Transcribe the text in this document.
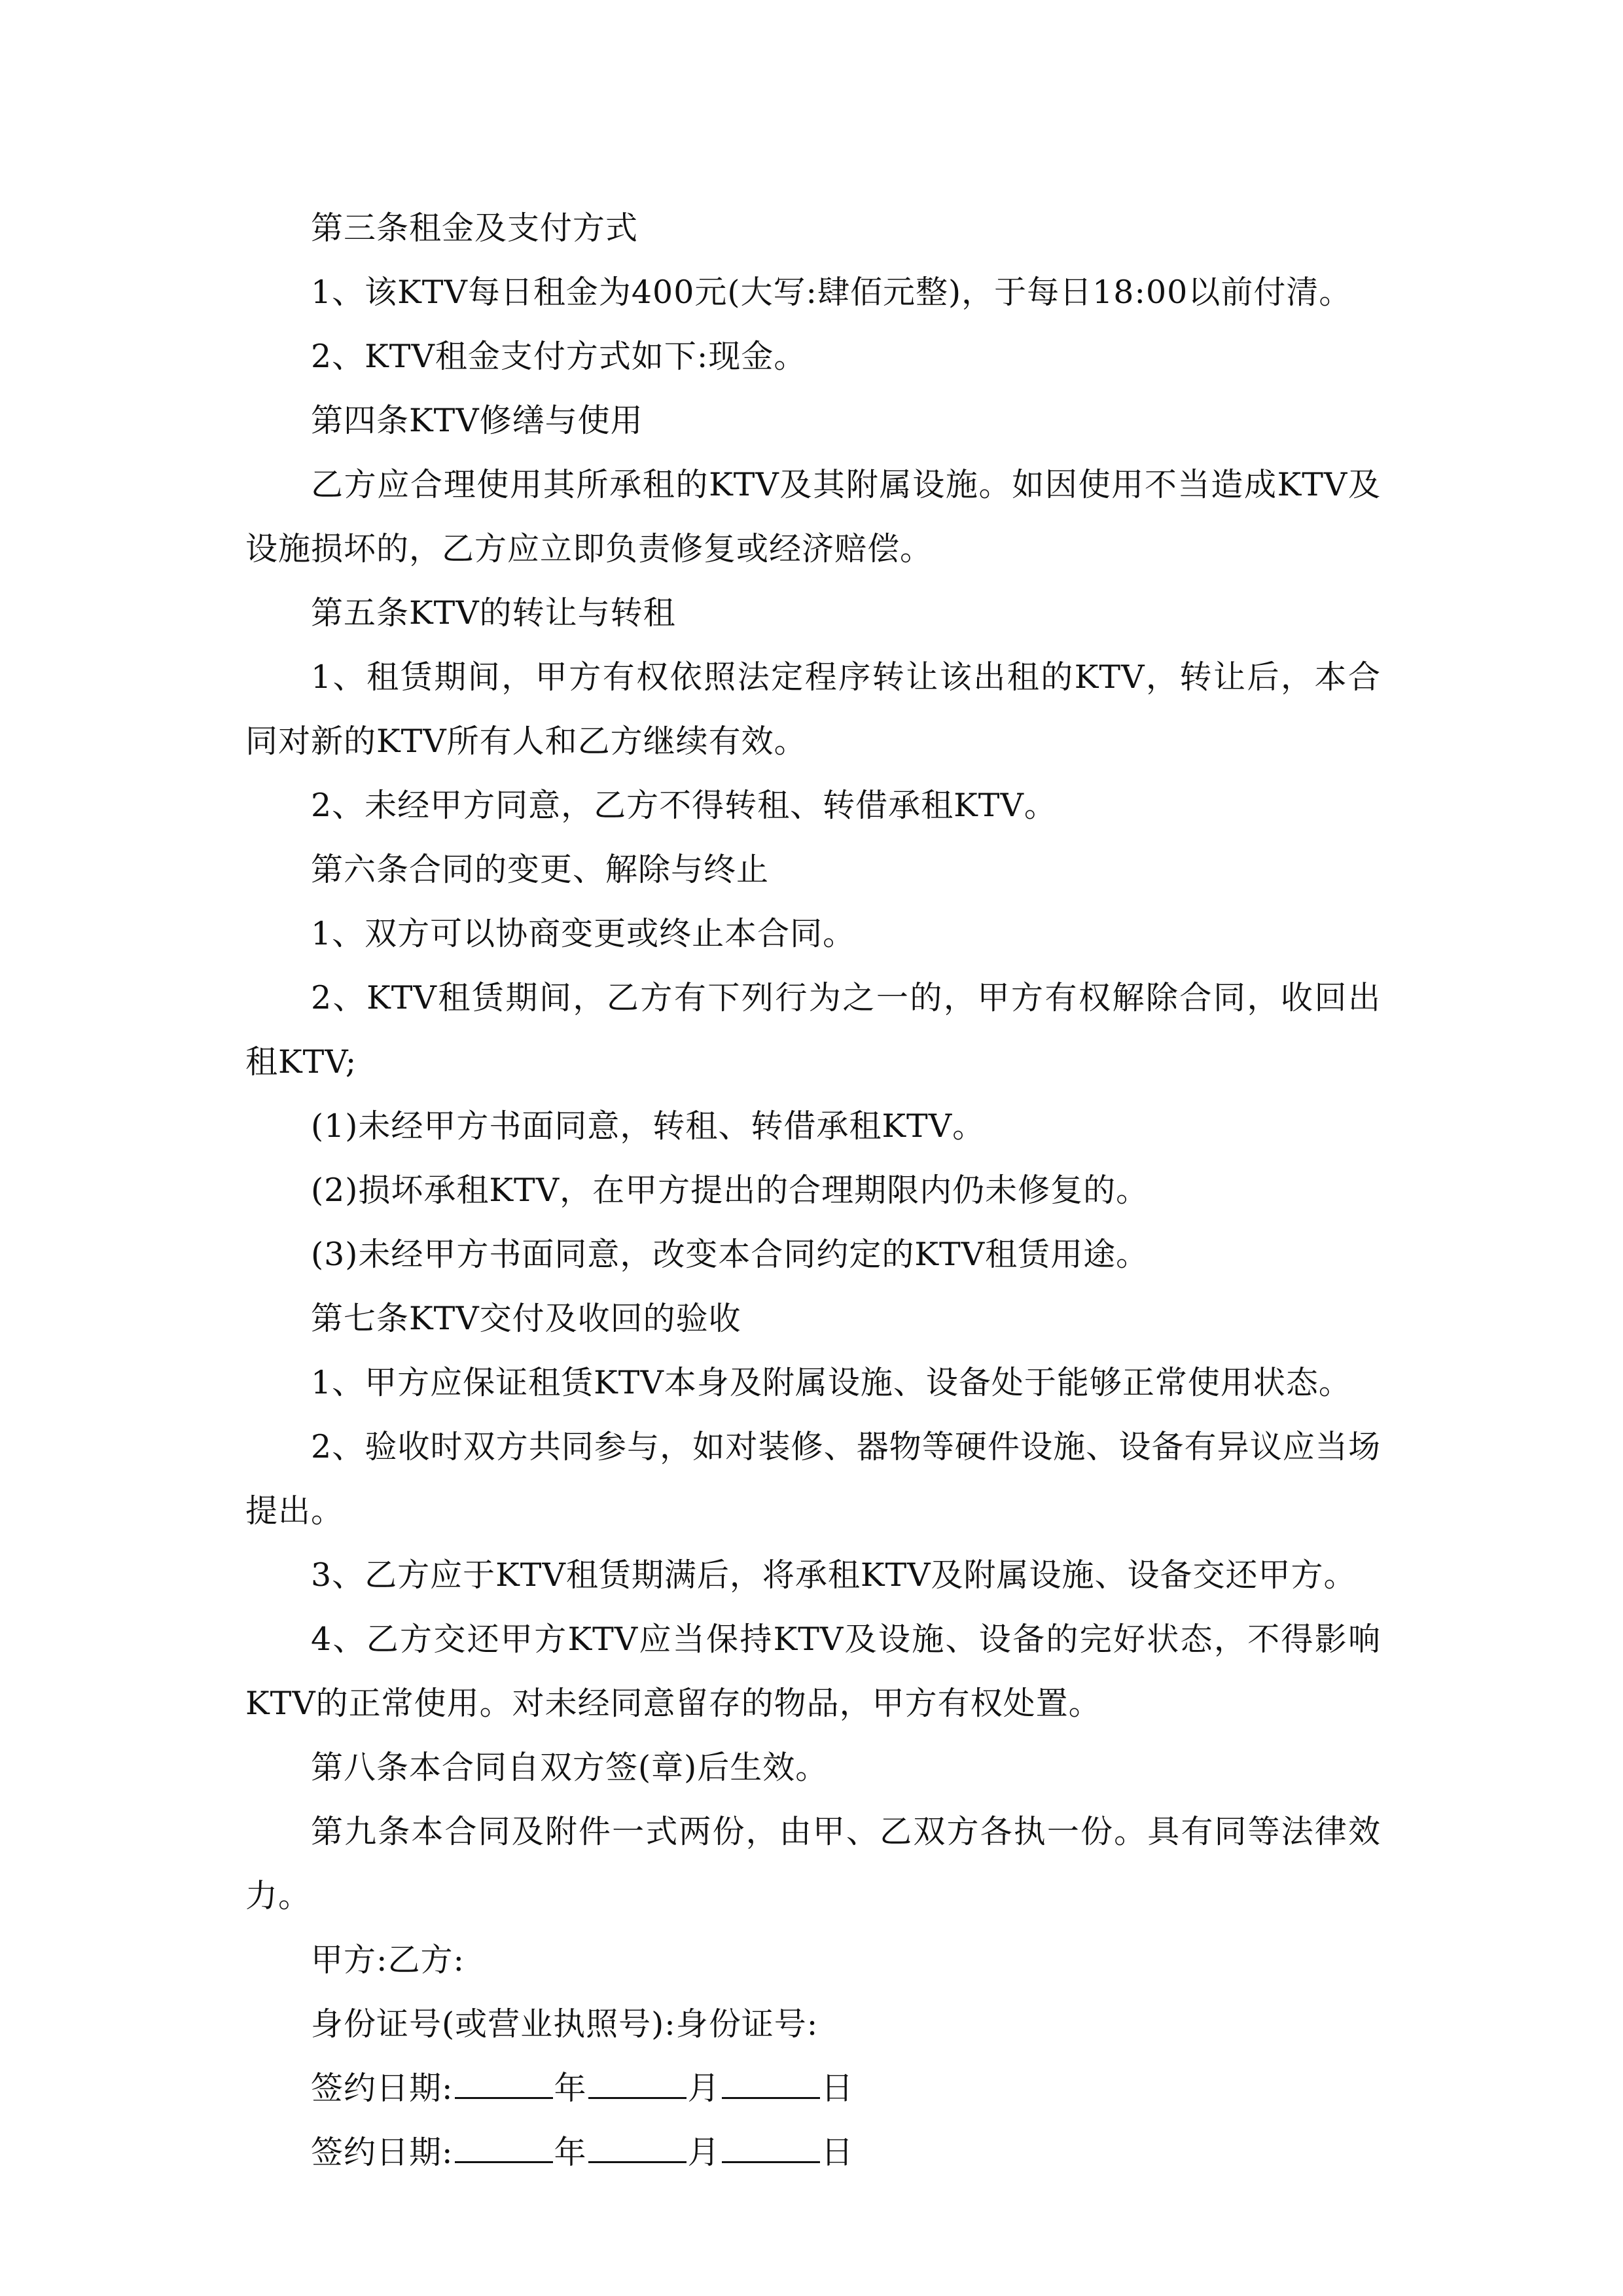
第三条租金及支付方式

1、该KTV每日租金为400元(大写:肆佰元整)，于每日18:00以前付清。

2、KTV租金支付方式如下:现金。

第四条KTV修缮与使用

乙方应合理使用其所承租的KTV及其附属设施。如因使用不当造成KTV及设施损坏的，乙方应立即负责修复或经济赔偿。

第五条KTV的转让与转租

1、租赁期间，甲方有权依照法定程序转让该出租的KTV，转让后，本合同对新的KTV所有人和乙方继续有效。

2、未经甲方同意，乙方不得转租、转借承租KTV。

第六条合同的变更、解除与终止

1、双方可以协商变更或终止本合同。

2、KTV租赁期间，乙方有下列行为之一的，甲方有权解除合同，收回出租KTV;

(1)未经甲方书面同意，转租、转借承租KTV。

(2)损坏承租KTV，在甲方提出的合理期限内仍未修复的。

(3)未经甲方书面同意，改变本合同约定的KTV租赁用途。

第七条KTV交付及收回的验收

1、甲方应保证租赁KTV本身及附属设施、设备处于能够正常使用状态。

2、验收时双方共同参与，如对装修、器物等硬件设施、设备有异议应当场提出。

3、乙方应于KTV租赁期满后，将承租KTV及附属设施、设备交还甲方。

4、乙方交还甲方KTV应当保持KTV及设施、设备的完好状态，不得影响KTV的正常使用。对未经同意留存的物品，甲方有权处置。

第八条本合同自双方签(章)后生效。

第九条本合同及附件一式两份，由甲、乙双方各执一份。具有同等法律效力。

甲方:乙方:

身份证号(或营业执照号):身份证号:

签约日期:	年	月	日

签约日期:	年	月	日
